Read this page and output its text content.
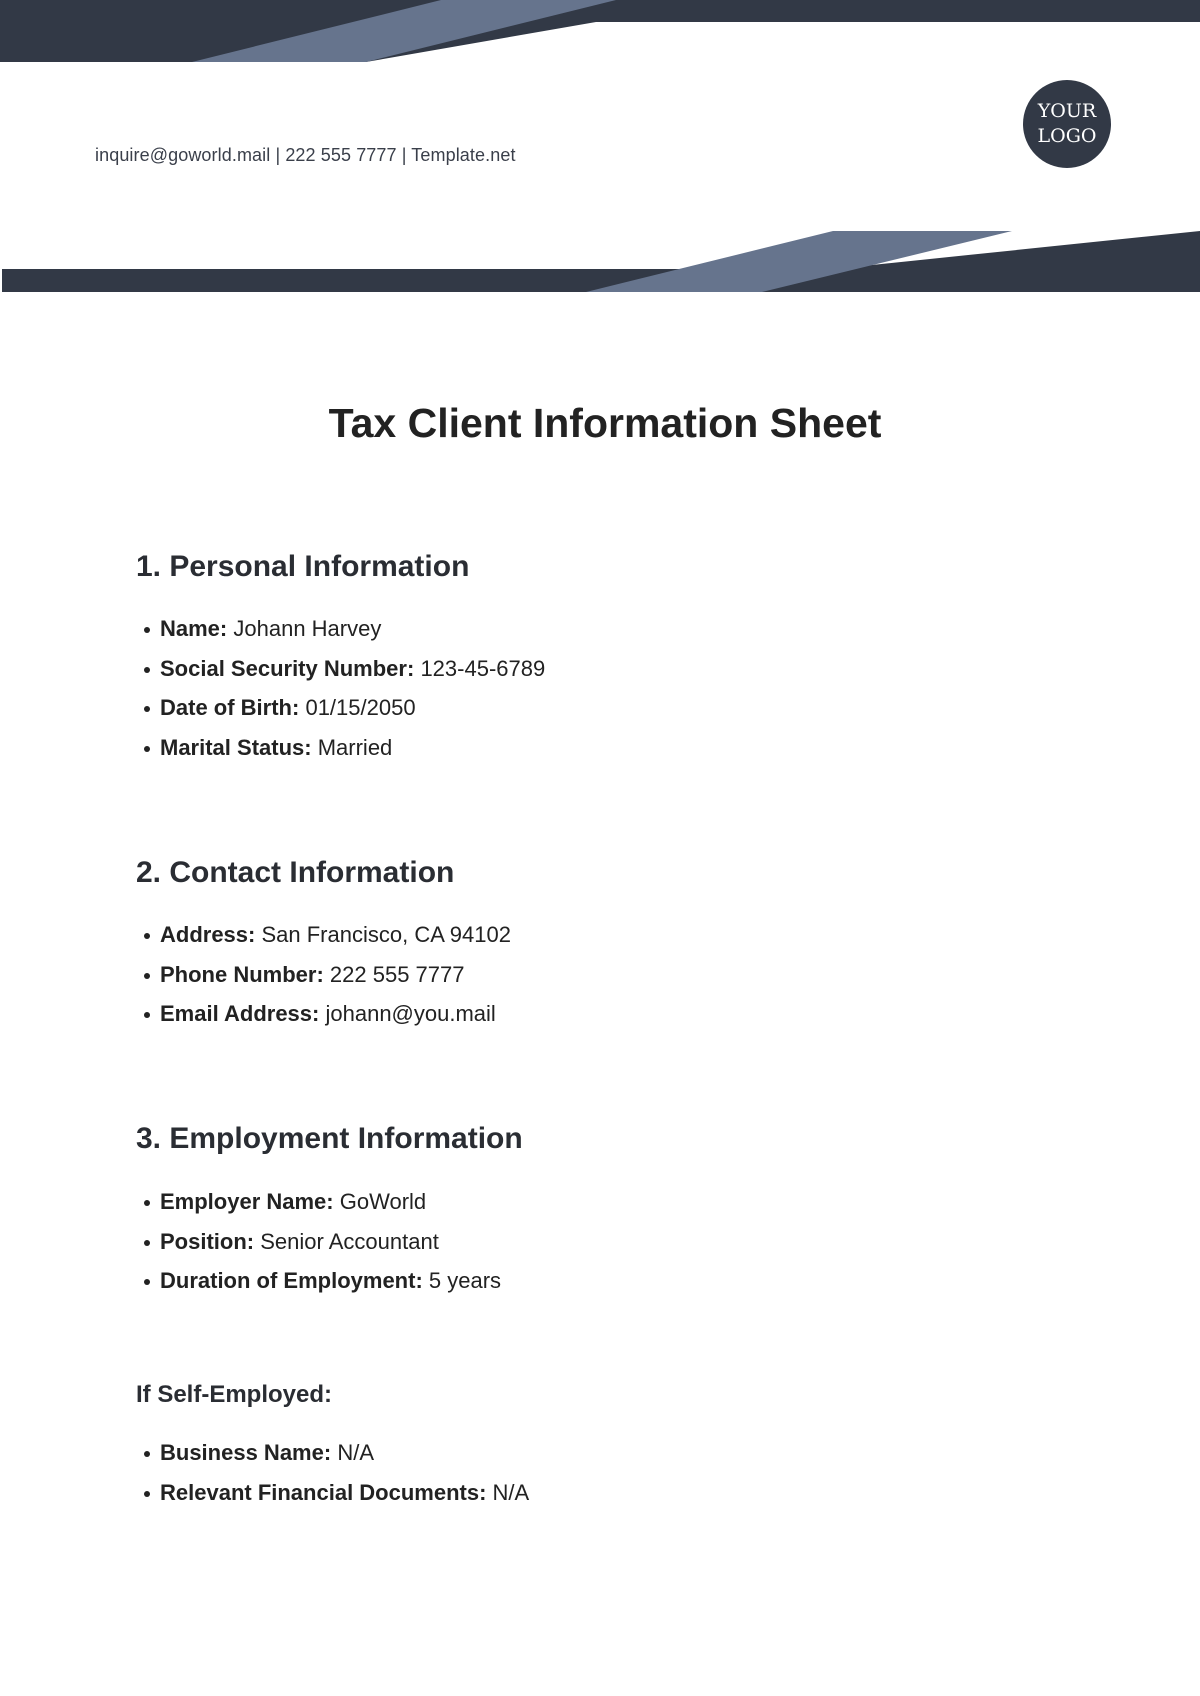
inquire@goworld.mail | 222 555 7777 | Template.net
YOUR LOGO
Tax Client Information Sheet
1. Personal Information
Name: Johann Harvey
Social Security Number: 123-45-6789
Date of Birth: 01/15/2050
Marital Status: Married
2. Contact Information
Address: San Francisco, CA 94102
Phone Number: 222 555 7777
Email Address: johann@you.mail
3. Employment Information
Employer Name: GoWorld
Position: Senior Accountant
Duration of Employment: 5 years
If Self-Employed:
Business Name: N/A
Relevant Financial Documents: N/A
